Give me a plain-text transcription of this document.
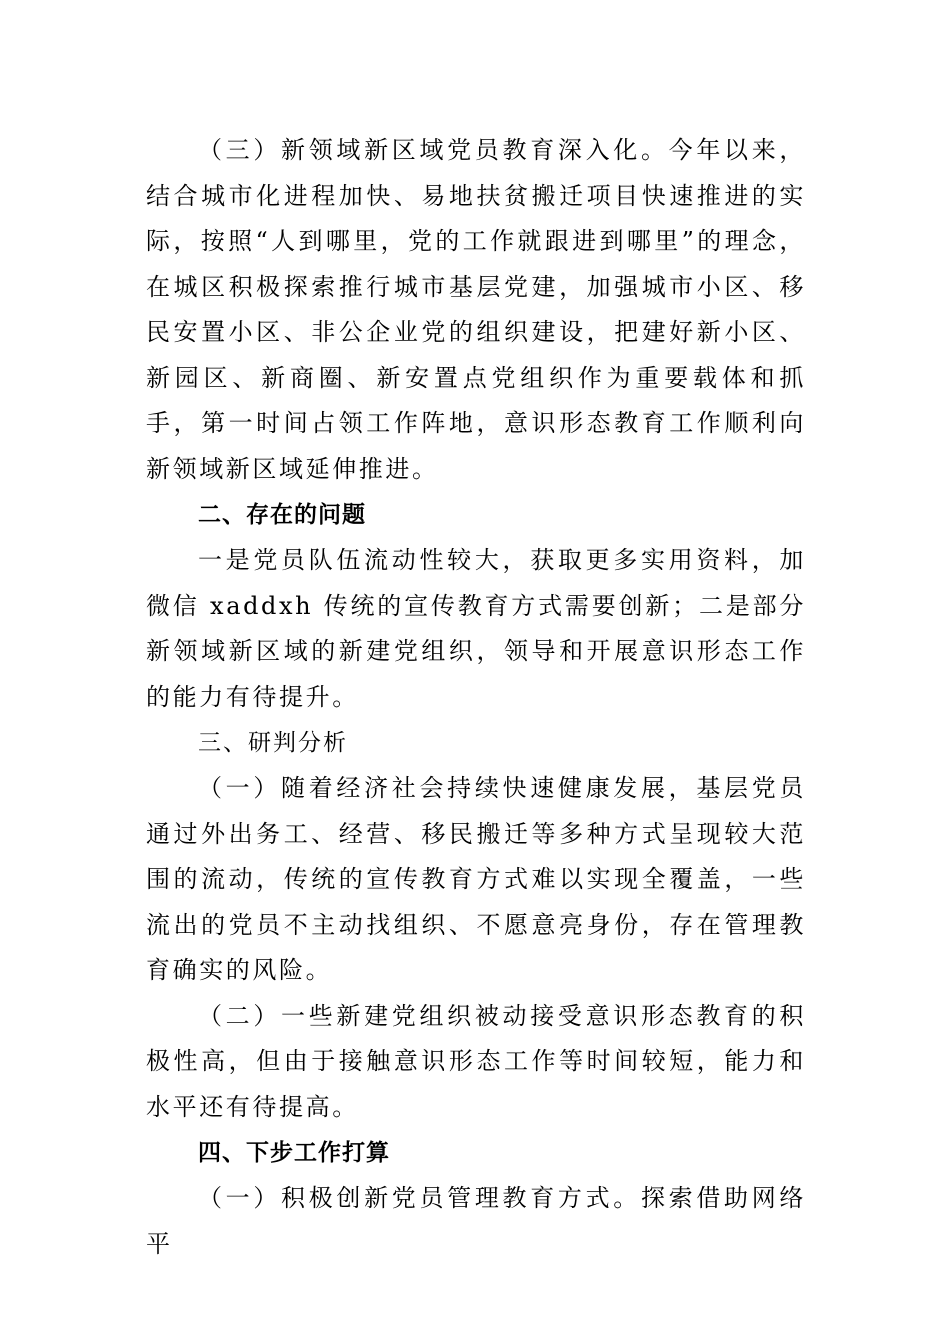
（三）新领域新区域党员教育深入化。今年以来，结合城市化进程加快、易地扶贫搬迁项目快速推进的实际，按照“人到哪里，党的工作就跟进到哪里”的理念，在城区积极探索推行城市基层党建，加强城市小区、移民安置小区、非公企业党的组织建设，把建好新小区、新园区、新商圈、新安置点党组织作为重要载体和抓手，第一时间占领工作阵地，意识形态教育工作顺利向新领域新区域延伸推进。

二、存在的问题

一是党员队伍流动性较大，获取更多实用资料，加微信 xaddxh 传统的宣传教育方式需要创新；二是部分新领域新区域的新建党组织，领导和开展意识形态工作的能力有待提升。

三、研判分析

（一）随着经济社会持续快速健康发展，基层党员通过外出务工、经营、移民搬迁等多种方式呈现较大范围的流动，传统的宣传教育方式难以实现全覆盖，一些流出的党员不主动找组织、不愿意亮身份，存在管理教育确实的风险。

（二）一些新建党组织被动接受意识形态教育的积极性高，但由于接触意识形态工作等时间较短，能力和水平还有待提高。

四、下步工作打算

（一）积极创新党员管理教育方式。探索借助网络平
